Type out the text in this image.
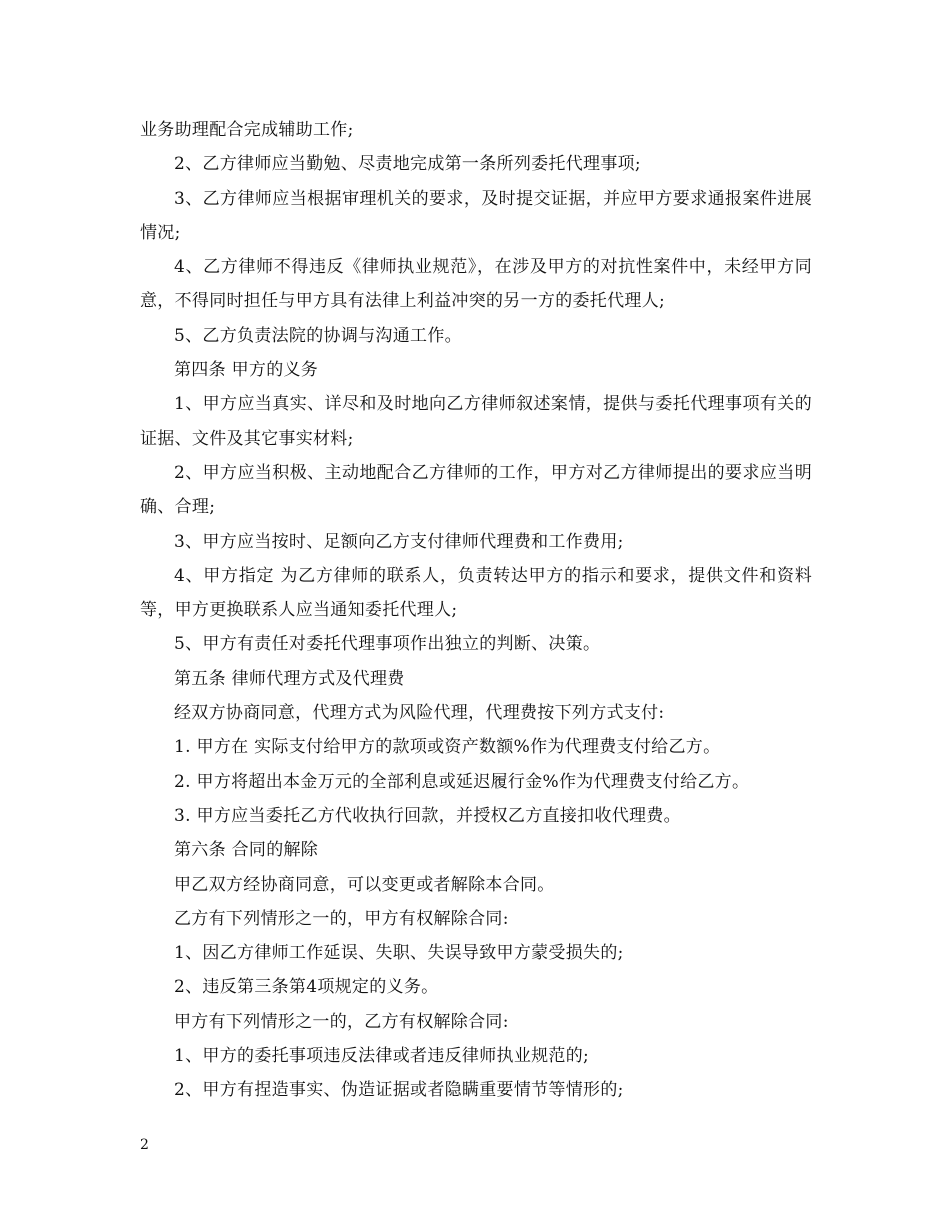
业务助理配合完成辅助工作;

2、乙方律师应当勤勉、尽责地完成第一条所列委托代理事项;

3、乙方律师应当根据审理机关的要求，及时提交证据，并应甲方要求通报案件进展情况;

4、乙方律师不得违反《律师执业规范》，在涉及甲方的对抗性案件中，未经甲方同意，不得同时担任与甲方具有法律上利益冲突的另一方的委托代理人;

5、乙方负责法院的协调与沟通工作。

第四条 甲方的义务

1、甲方应当真实、详尽和及时地向乙方律师叙述案情，提供与委托代理事项有关的证据、文件及其它事实材料;

2、甲方应当积极、主动地配合乙方律师的工作，甲方对乙方律师提出的要求应当明确、合理;

3、甲方应当按时、足额向乙方支付律师代理费和工作费用;

4、甲方指定 为乙方律师的联系人，负责转达甲方的指示和要求，提供文件和资料等，甲方更换联系人应当通知委托代理人;

5、甲方有责任对委托代理事项作出独立的判断、决策。

第五条 律师代理方式及代理费

经双方协商同意，代理方式为风险代理，代理费按下列方式支付:

1. 甲方在 实际支付给甲方的款项或资产数额%作为代理费支付给乙方。

2. 甲方将超出本金万元的全部利息或延迟履行金%作为代理费支付给乙方。

3. 甲方应当委托乙方代收执行回款，并授权乙方直接扣收代理费。

第六条 合同的解除

甲乙双方经协商同意，可以变更或者解除本合同。

乙方有下列情形之一的，甲方有权解除合同:

1、因乙方律师工作延误、失职、失误导致甲方蒙受损失的;

2、违反第三条第4项规定的义务。

甲方有下列情形之一的，乙方有权解除合同:

1、甲方的委托事项违反法律或者违反律师执业规范的;

2、甲方有捏造事实、伪造证据或者隐瞒重要情节等情形的;

2
